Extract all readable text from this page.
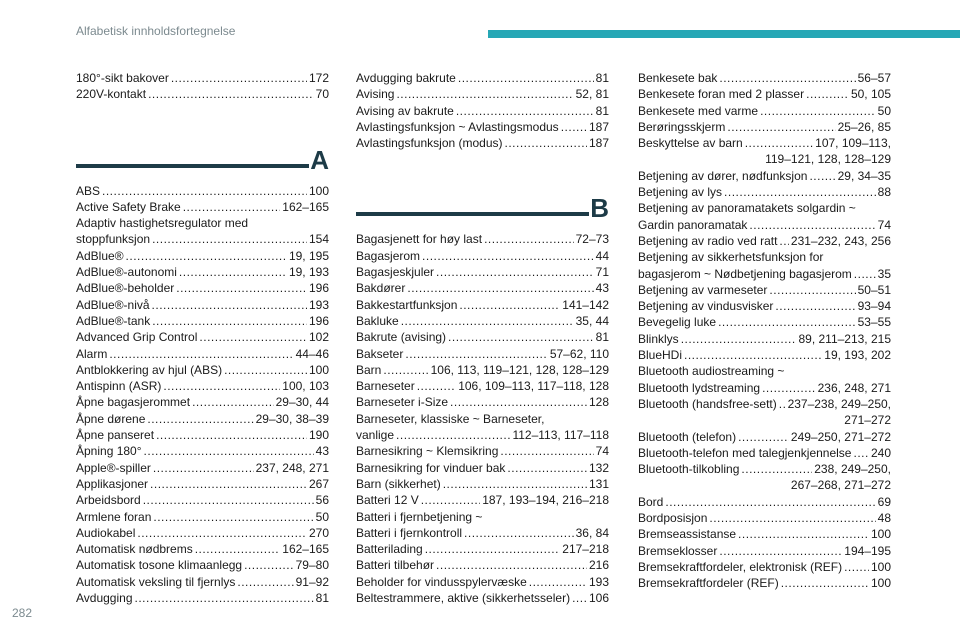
Alfabetisk innholdsfortegnelse
180°-sikt bakover .....	172
220V-kontakt .....	70
A
ABS .....	100
Active Safety Brake .....	162–165
Adaptiv hastighetsregulator med
stoppfunksjon .....	154
AdBlue® .....	19, 195
AdBlue®-autonomi .....	19, 193
AdBlue®-beholder .....	196
AdBlue®-nivå .....	193
AdBlue®-tank .....	196
Advanced Grip Control .....	102
Alarm .....	44–46
Antblokkering av hjul (ABS) .....	100
Antispinn (ASR) .....	100, 103
Åpne bagasjerommet .....	29–30, 44
Åpne dørene .....	29–30, 38–39
Åpne panseret .....	190
Åpning 180° .....	43
Apple®-spiller .....	237, 248, 271
Applikasjoner .....	267
Arbeidsbord .....	56
Armlene foran .....	50
Audiokabel .....	270
Automatisk nødbrems .....	162–165
Automatisk tosone klimaanlegg .....	79–80
Automatisk veksling til fjernlys .....	91–92
Avdugging .....	81
Avdugging bakrute .....	81
Avising .....	52, 81
Avising av bakrute .....	81
Avlastingsfunksjon ~ Avlastingsmodus .....	187
Avlastingsfunksjon (modus) .....	187
B
Bagasjenett for høy last .....	72–73
Bagasjerom .....	44
Bagasjeskjuler .....	71
Bakdører .....	43
Bakkestartfunksjon .....	141–142
Bakluke .....	35, 44
Bakrute (avising) .....	81
Bakseter .....	57–62, 110
Barn .....	106, 113, 119–121, 128, 128–129
Barneseter .....	106, 109–113, 117–118, 128
Barneseter i-Size .....	128
Barneseter, klassiske ~ Barneseter,
vanlige .....	112–113, 117–118
Barnesikring ~ Klemsikring .....	74
Barnesikring for vinduer bak .....	132
Barn (sikkerhet) .....	131
Batteri 12 V .....	187, 193–194, 216–218
Batteri i fjernbetjening ~
Batteri i fjernkontroll .....	36, 84
Batterilading .....	217–218
Batteri tilbehør .....	216
Beholder for vindusspylervæske .....	193
Beltestrammere, aktive (sikkerhetsseler) ..... 106
Benkesete bak .....	56–57
Benkesete foran med 2 plasser .....	50, 105
Benkesete med varme .....	50
Berøringsskjerm .....	25–26, 85
Beskyttelse av barn .....	107, 109–113,
119–121, 128, 128–129
Betjening av dører, nødfunksjon .....	29, 34–35
Betjening av lys .....	88
Betjening av panoramatakets solgardin ~
Gardin panoramatak .....	74
Betjening av radio ved ratt ..... 231–232, 243, 256
Betjening av sikkerhetsfunksjon for
bagasjerom ~ Nødbetjening bagasjerom ..... 35
Betjening av varmeseter .....	50–51
Betjening av vindusvisker .....	93–94
Bevegelig luke .....	53–55
Blinklys .....	89, 211–213, 215
BlueHDi .....	19, 193, 202
Bluetooth audiostreaming ~
Bluetooth lydstreaming .....	236, 248, 271
Bluetooth (handsfree-sett) ..... 237–238, 249–250,
271–272
Bluetooth (telefon) .....	249–250, 271–272
Bluetooth-telefon med talegjenkjennelse ..... 240
Bluetooth-tilkobling .....	238, 249–250,
267–268, 271–272
Bord .....	69
Bordposisjon .....	48
Bremseassistanse .....	100
Bremseklosser .....	194–195
Bremsekraftfordeler, elektronisk (REF) ..... 100
Bremsekraftfordeler (REF) .....	100
282
